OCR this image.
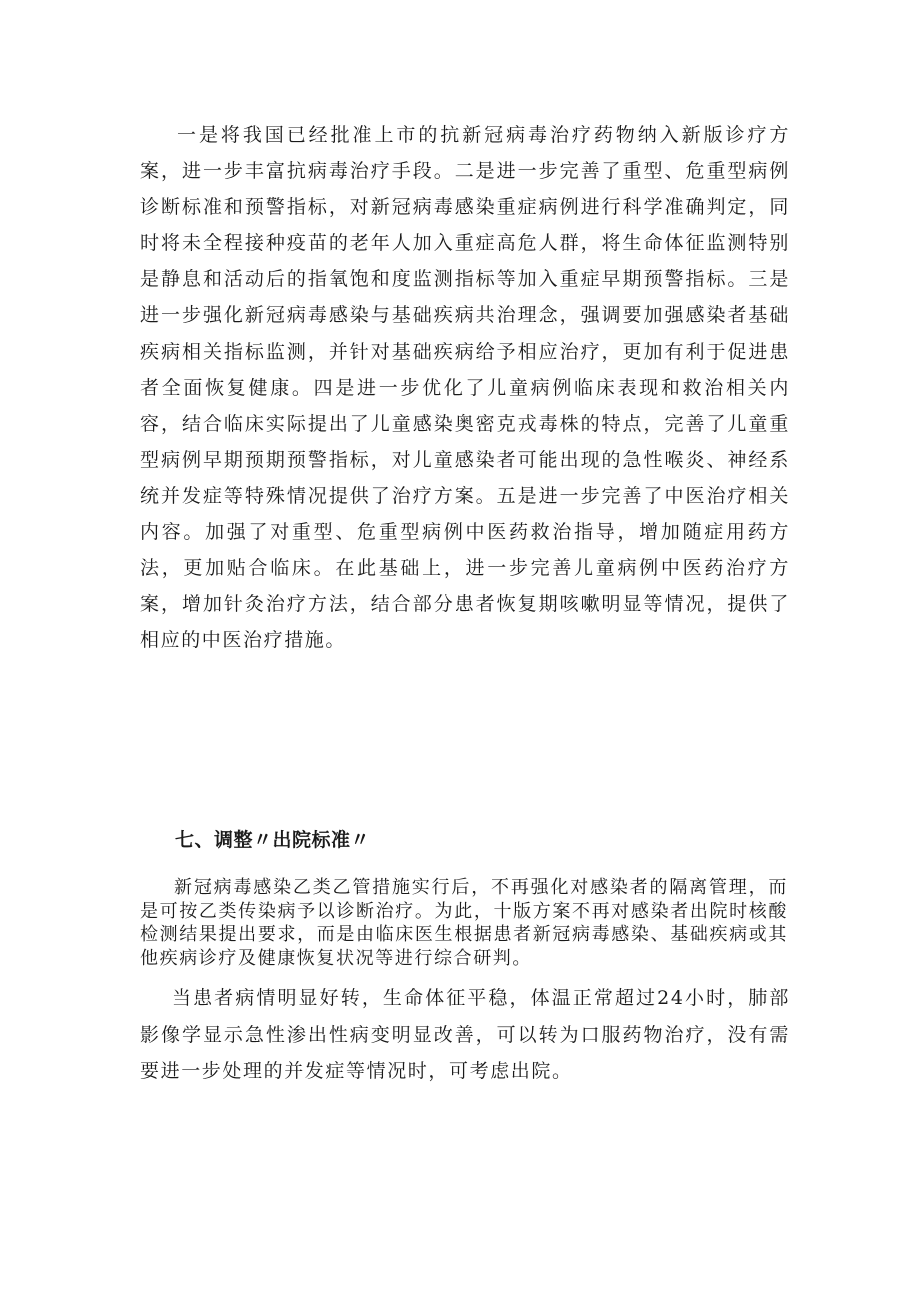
一是将我国已经批准上市的抗新冠病毒治疗药物纳入新版诊疗方案，进一步丰富抗病毒治疗手段。二是进一步完善了重型、危重型病例诊断标准和预警指标，对新冠病毒感染重症病例进行科学准确判定，同时将未全程接种疫苗的老年人加入重症高危人群，将生命体征监测特别是静息和活动后的指氧饱和度监测指标等加入重症早期预警指标。三是进一步强化新冠病毒感染与基础疾病共治理念，强调要加强感染者基础疾病相关指标监测，并针对基础疾病给予相应治疗，更加有利于促进患者全面恢复健康。四是进一步优化了儿童病例临床表现和救治相关内容，结合临床实际提出了儿童感染奥密克戎毒株的特点，完善了儿童重型病例早期预期预警指标，对儿童感染者可能出现的急性喉炎、神经系统并发症等特殊情况提供了治疗方案。五是进一步完善了中医治疗相关内容。加强了对重型、危重型病例中医药救治指导，增加随症用药方法，更加贴合临床。在此基础上，进一步完善儿童病例中医药治疗方案，增加针灸治疗方法，结合部分患者恢复期咳嗽明显等情况，提供了相应的中医治疗措施。

七、调整〃出院标准〃

新冠病毒感染乙类乙管措施实行后，不再强化对感染者的隔离管理，而是可按乙类传染病予以诊断治疗。为此，十版方案不再对感染者出院时核酸检测结果提出要求，而是由临床医生根据患者新冠病毒感染、基础疾病或其他疾病诊疗及健康恢复状况等进行综合研判。

当患者病情明显好转，生命体征平稳，体温正常超过24小时，肺部影像学显示急性渗出性病变明显改善，可以转为口服药物治疗，没有需要进一步处理的并发症等情况时，可考虑出院。
